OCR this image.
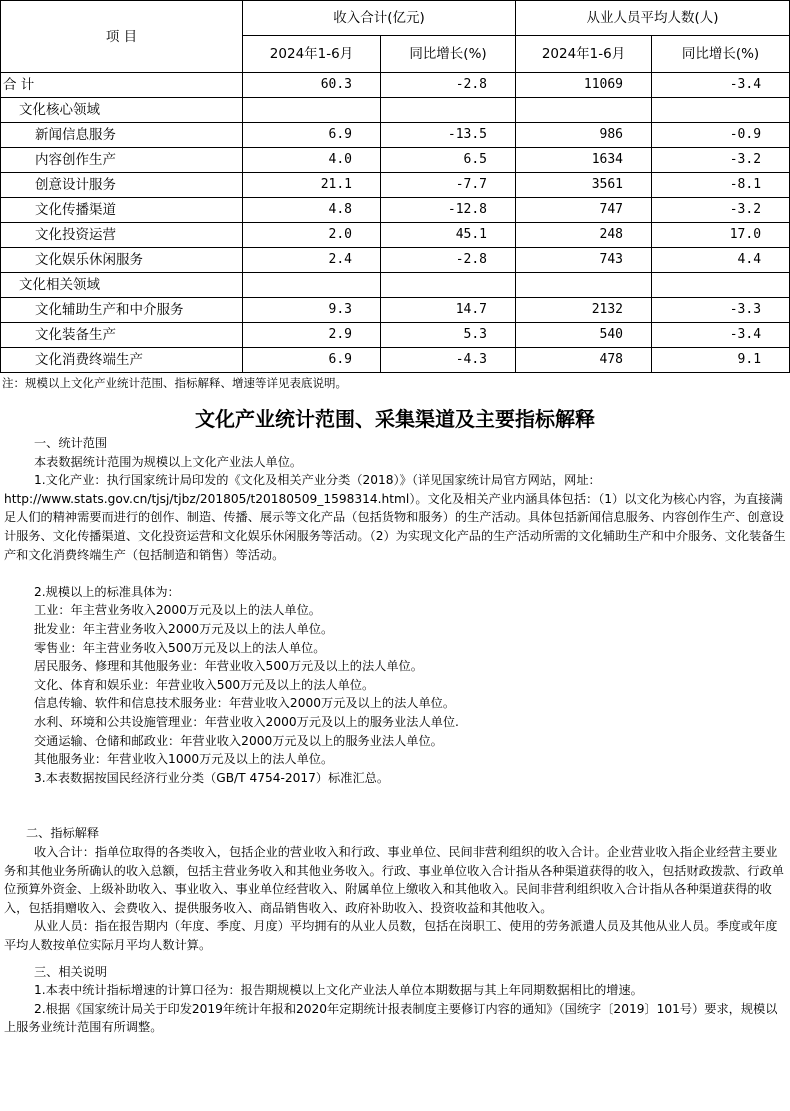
项 目	收入合计(亿元)		从业人员平均人数(人)	
	2024年1-6月	同比增长(%)	2024年1-6月	同比增长(%)
合 计	60.3	-2.8	11069	-3.4
文化核心领域				
新闻信息服务	6.9	-13.5	986	-0.9
内容创作生产	4.0	6.5	1634	-3.2
创意设计服务	21.1	-7.7	3561	-8.1
文化传播渠道	4.8	-12.8	747	-3.2
文化投资运营	2.0	45.1	248	17.0
文化娱乐休闲服务	2.4	-2.8	743	4.4
文化相关领域				
文化辅助生产和中介服务	9.3	14.7	2132	-3.3
文化装备生产	2.9	5.3	540	-3.4
文化消费终端生产	6.9	-4.3	478	9.1
注：规模以上文化产业统计范围、指标解释、增速等详见表底说明。
文化产业统计范围、采集渠道及主要指标解释

一、统计范围

本表数据统计范围为规模以上文化产业法人单位。

1.文化产业：执行国家统计局印发的《文化及相关产业分类（2018）》（详见国家统计局官方网站，网址：http://www.stats.gov.cn/tjsj/tjbz/201805/t20180509_1598314.html）。文化及相关产业内涵具体包括：（1）以文化为核心内容，为直接满足人们的精神需要而进行的创作、制造、传播、展示等文化产品（包括货物和服务）的生产活动。具体包括新闻信息服务、内容创作生产、创意设计服务、文化传播渠道、文化投资运营和文化娱乐休闲服务等活动。（2）为实现文化产品的生产活动所需的文化辅助生产和中介服务、文化装备生产和文化消费终端生产（包括制造和销售）等活动。

2.规模以上的标准具体为：

工业：年主营业务收入2000万元及以上的法人单位。

批发业：年主营业务收入2000万元及以上的法人单位。

零售业：年主营业务收入500万元及以上的法人单位。

居民服务、修理和其他服务业：年营业收入500万元及以上的法人单位。

文化、体育和娱乐业：年营业收入500万元及以上的法人单位。

信息传输、软件和信息技术服务业：年营业收入2000万元及以上的法人单位。

水利、环境和公共设施管理业：年营业收入2000万元及以上的服务业法人单位.

交通运输、仓储和邮政业：年营业收入2000万元及以上的服务业法人单位。

其他服务业：年营业收入1000万元及以上的法人单位。

3.本表数据按国民经济行业分类（GB/T 4754-2017）标准汇总。

二、指标解释

收入合计：指单位取得的各类收入，包括企业的营业收入和行政、事业单位、民间非营利组织的收入合计。企业营业收入指企业经营主要业务和其他业务所确认的收入总额，包括主营业务收入和其他业务收入。行政、事业单位收入合计指从各种渠道获得的收入，包括财政拨款、行政单位预算外资金、上级补助收入、事业收入、事业单位经营收入、附属单位上缴收入和其他收入。民间非营利组织收入合计指从各种渠道获得的收入，包括捐赠收入、会费收入、提供服务收入、商品销售收入、政府补助收入、投资收益和其他收入。

从业人员：指在报告期内（年度、季度、月度）平均拥有的从业人员数，包括在岗职工、使用的劳务派遣人员及其他从业人员。季度或年度平均人数按单位实际月平均人数计算。

三、相关说明

1.本表中统计指标增速的计算口径为：报告期规模以上文化产业法人单位本期数据与其上年同期数据相比的增速。

2.根据《国家统计局关于印发2019年统计年报和2020年定期统计报表制度主要修订内容的通知》（国统字〔2019〕101号）要求，规模以上服务业统计范围有所调整。
